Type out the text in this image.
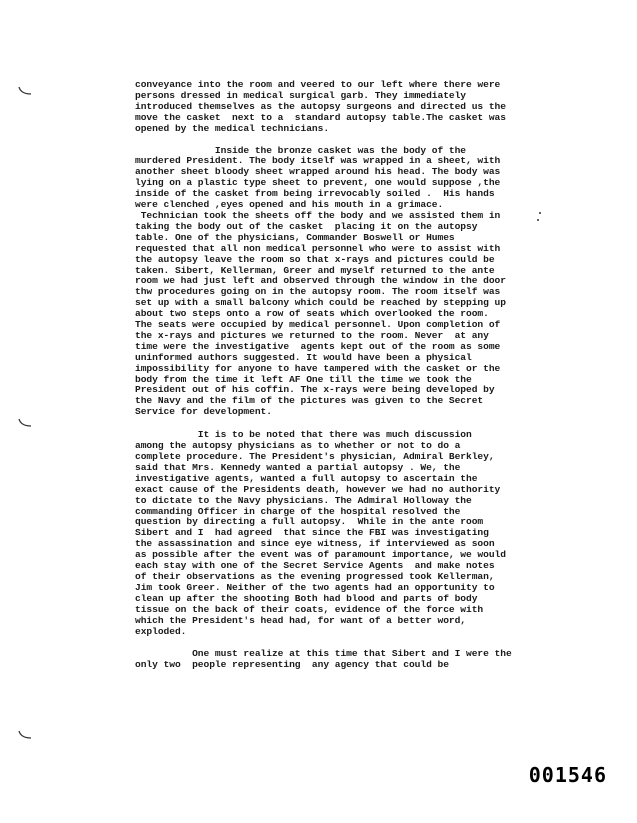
conveyance into the room and veered to our left where there were
persons dressed in medical surgical garb. They immediately
introduced themselves as the autopsy surgeons and directed us the
move the casket  next to a  standard autopsy table.The casket was
opened by the medical technicians.
Inside the bronze casket was the body of the
murdered President. The body itself was wrapped in a sheet, with
another sheet bloody sheet wrapped around his head. The body was
lying on a plastic type sheet to prevent, one would suppose ,the
inside of the casket from being irrevocably soiled .  His hands
were clenched ,eyes opened and his mouth in a grimace.
Technician took the sheets off the body and we assisted them in
taking the body out of the casket  placing it on the autopsy
table. One of the physicians, Commander Boswell or Humes
requested that all non medical personnel who were to assist with
the autopsy leave the room so that x-rays and pictures could be
taken. Sibert, Kellerman, Greer and myself returned to the ante
room we had just left and observed through the window in the door
thw procedures going on in the autopsy room. The room itself was
set up with a small balcony which could be reached by stepping up
about two steps onto a row of seats which overlooked the room.
The seats were occupied by medical personnel. Upon completion of
the x-rays and pictures we returned to the room. Never  at any
time were the investigative  agents kept out of the room as some
uninformed authors suggested. It would have been a physical
impossibility for anyone to have tampered with the casket or the
body from the time it left AF One till the time we took the
President out of his coffin. The x-rays were being developed by
the Navy and the film of the pictures was given to the Secret
Service for development.
It is to be noted that there was much discussion
among the autopsy physicians as to whether or not to do a
complete procedure. The President's physician, Admiral Berkley,
said that Mrs. Kennedy wanted a partial autopsy . We, the
investigative agents, wanted a full autopsy to ascertain the
exact cause of the Presidents death, however we had no authority
to dictate to the Navy physicians. The Admiral Holloway the
commanding Officer in charge of the hospital resolved the
question by directing a full autopsy.  While in the ante room
Sibert and I  had agreed  that since the FBI was investigating
the assassination and since eye witness, if interviewed as soon
as possible after the event was of paramount importance, we would
each stay with one of the Secret Service Agents  and make notes
of their observations as the evening progressed took Kellerman,
Jim took Greer. Neither of the two agents had an opportunity to
clean up after the shooting Both had blood and parts of body
tissue on the back of their coats, evidence of the force with
which the President's head had, for want of a better word,
exploded.
One must realize at this time that Sibert and I were the
only two  people representing  any agency that could be
001546
